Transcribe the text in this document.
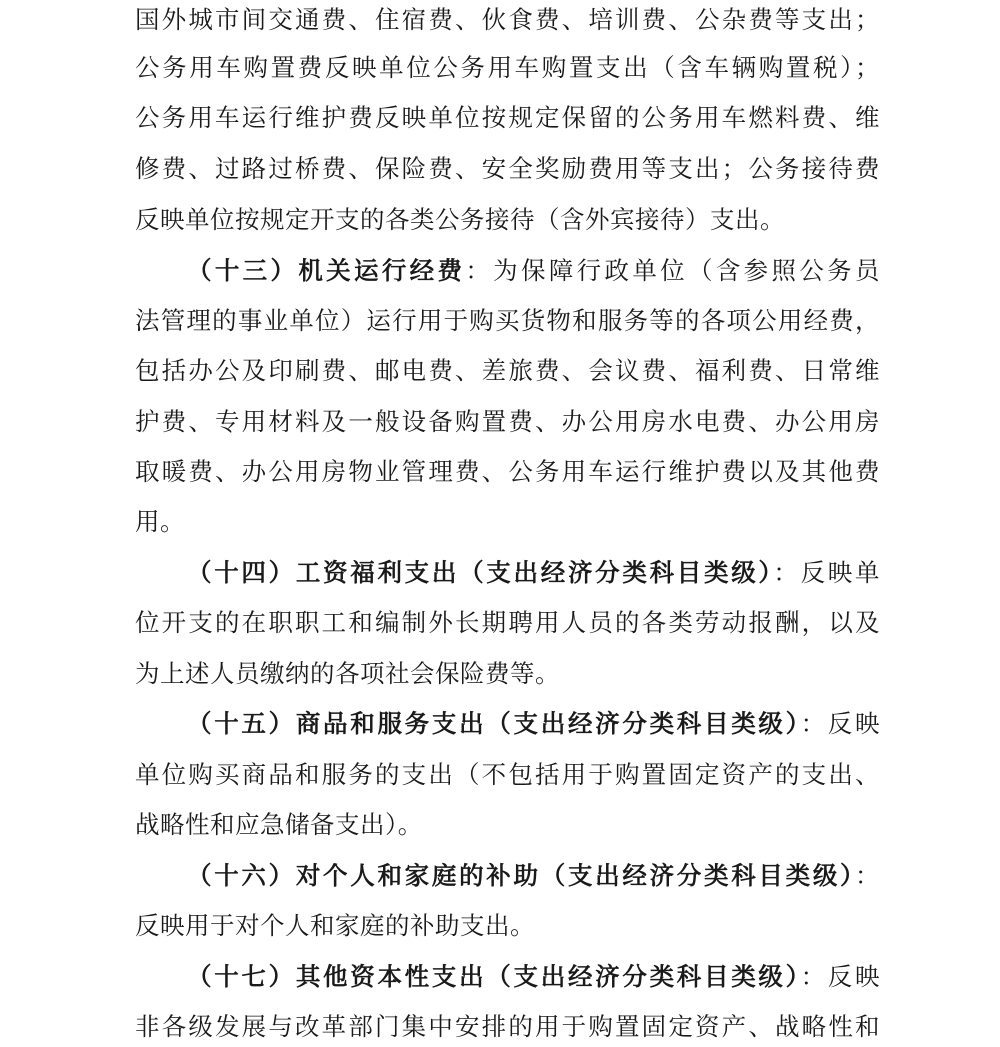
国外城市间交通费、住宿费、伙食费、培训费、公杂费等支出；
公务用车购置费反映单位公务用车购置支出（含车辆购置税）；
公务用车运行维护费反映单位按规定保留的公务用车燃料费、维
修费、过路过桥费、保险费、安全奖励费用等支出；公务接待费
反映单位按规定开支的各类公务接待（含外宾接待）支出。
（十三）机关运行经费：为保障行政单位（含参照公务员
法管理的事业单位）运行用于购买货物和服务等的各项公用经费，
包括办公及印刷费、邮电费、差旅费、会议费、福利费、日常维
护费、专用材料及一般设备购置费、办公用房水电费、办公用房
取暖费、办公用房物业管理费、公务用车运行维护费以及其他费
用。
（十四）工资福利支出（支出经济分类科目类级）：反映单
位开支的在职职工和编制外长期聘用人员的各类劳动报酬，以及
为上述人员缴纳的各项社会保险费等。
（十五）商品和服务支出（支出经济分类科目类级）：反映
单位购买商品和服务的支出（不包括用于购置固定资产的支出、
战略性和应急储备支出）。
（十六）对个人和家庭的补助（支出经济分类科目类级）：
反映用于对个人和家庭的补助支出。
（十七）其他资本性支出（支出经济分类科目类级）：反映
非各级发展与改革部门集中安排的用于购置固定资产、战略性和
